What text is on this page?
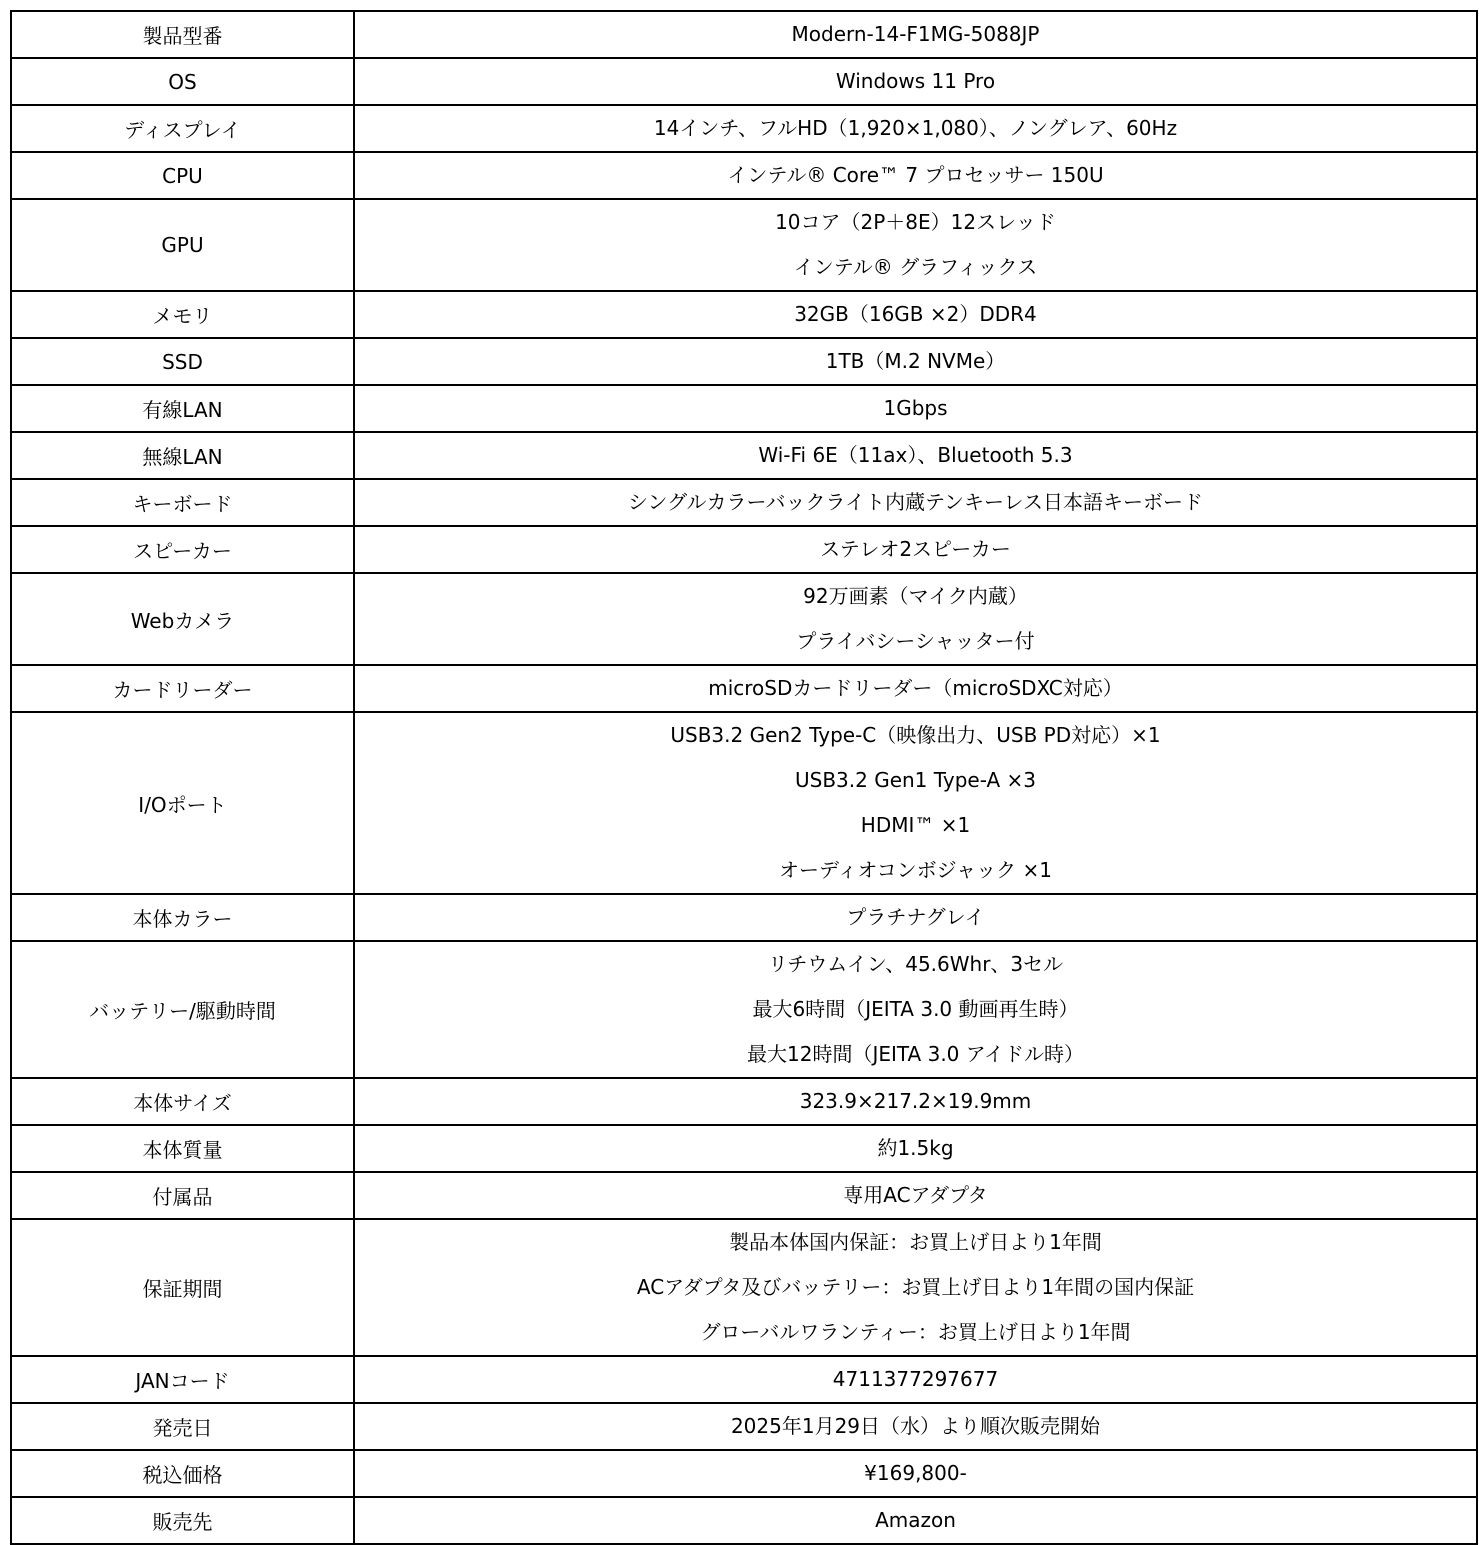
製品型番	Modern-14-F1MG-5088JP

OS	Windows 11 Pro

ディスプレイ	14インチ、フルHD（1,920×1,080）、ノングレア、60Hz

CPU	インテル® Core™ 7 プロセッサー 150U

GPU	10コア（2P＋8E）12スレッド
インテル® グラフィックス

メモリ	32GB（16GB ×2）DDR4

SSD	1TB（M.2 NVMe）

有線LAN	1Gbps

無線LAN	Wi-Fi 6E（11ax）、Bluetooth 5.3

キーボード	シングルカラーバックライト内蔵テンキーレス日本語キーボード

スピーカー	ステレオ2スピーカー

Webカメラ	92万画素（マイク内蔵）
プライバシーシャッター付

カードリーダー	microSDカードリーダー（microSDXC対応）

I/Oポート	USB3.2 Gen2 Type-C（映像出力、USB PD対応）×1
USB3.2 Gen1 Type-A ×3
HDMI™ ×1
オーディオコンボジャック ×1

本体カラー	プラチナグレイ

バッテリー/駆動時間	リチウムイン、45.6Whr、3セル
最大6時間（JEITA 3.0 動画再生時）
最大12時間（JEITA 3.0 アイドル時）

本体サイズ	323.9×217.2×19.9mm

本体質量	約1.5kg

付属品	専用ACアダプタ

保証期間	製品本体国内保証：お買上げ日より1年間
ACアダプタ及びバッテリー：お買上げ日より1年間の国内保証
グローバルワランティー：お買上げ日より1年間

JANコード	4711377297677

発売日	2025年1月29日（水）より順次販売開始

税込価格	¥169,800-

販売先	Amazon
